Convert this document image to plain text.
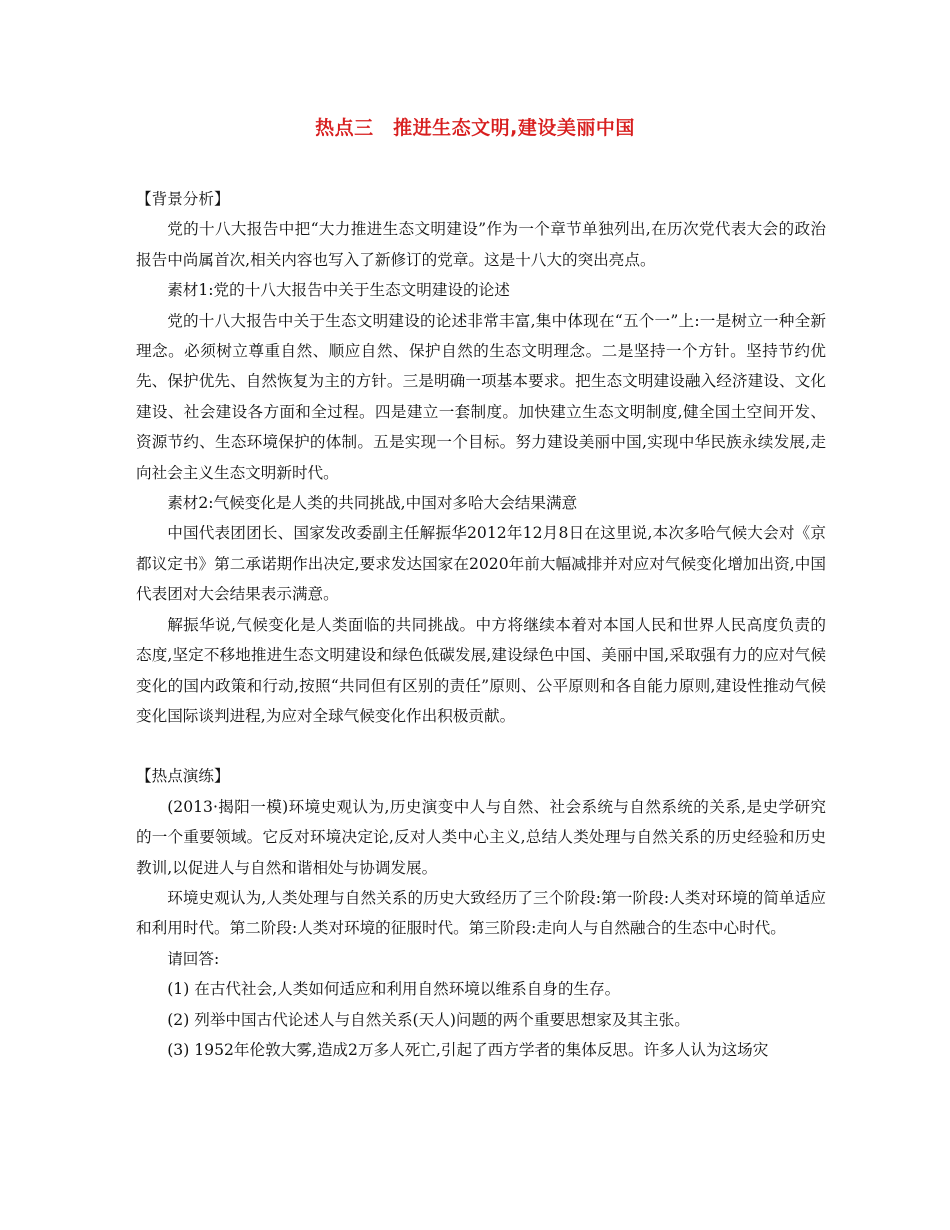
热点三　推进生态文明,建设美丽中国

【背景分析】

党的十八大报告中把“大力推进生态文明建设”作为一个章节单独列出,在历次党代表大会的政治报告中尚属首次,相关内容也写入了新修订的党章。这是十八大的突出亮点。

素材1:党的十八大报告中关于生态文明建设的论述

党的十八大报告中关于生态文明建设的论述非常丰富,集中体现在“五个一”上:一是树立一种全新理念。必须树立尊重自然、顺应自然、保护自然的生态文明理念。二是坚持一个方针。坚持节约优先、保护优先、自然恢复为主的方针。三是明确一项基本要求。把生态文明建设融入经济建设、文化建设、社会建设各方面和全过程。四是建立一套制度。加快建立生态文明制度,健全国土空间开发、资源节约、生态环境保护的体制。五是实现一个目标。努力建设美丽中国,实现中华民族永续发展,走向社会主义生态文明新时代。

素材2:气候变化是人类的共同挑战,中国对多哈大会结果满意

中国代表团团长、国家发改委副主任解振华2012年12月8日在这里说,本次多哈气候大会对《京都议定书》第二承诺期作出决定,要求发达国家在2020年前大幅减排并对应对气候变化增加出资,中国代表团对大会结果表示满意。

解振华说,气候变化是人类面临的共同挑战。中方将继续本着对本国人民和世界人民高度负责的态度,坚定不移地推进生态文明建设和绿色低碳发展,建设绿色中国、美丽中国,采取强有力的应对气候变化的国内政策和行动,按照“共同但有区别的责任”原则、公平原则和各自能力原则,建设性推动气候变化国际谈判进程,为应对全球气候变化作出积极贡献。

【热点演练】

(2013·揭阳一模)环境史观认为,历史演变中人与自然、社会系统与自然系统的关系,是史学研究的一个重要领域。它反对环境决定论,反对人类中心主义,总结人类处理与自然关系的历史经验和历史教训,以促进人与自然和谐相处与协调发展。

环境史观认为,人类处理与自然关系的历史大致经历了三个阶段:第一阶段:人类对环境的简单适应和利用时代。第二阶段:人类对环境的征服时代。第三阶段:走向人与自然融合的生态中心时代。

请回答:

(1) 在古代社会,人类如何适应和利用自然环境以维系自身的生存。

(2) 列举中国古代论述人与自然关系(天人)问题的两个重要思想家及其主张。

(3) 1952年伦敦大雾,造成2万多人死亡,引起了西方学者的集体反思。许多人认为这场灾
